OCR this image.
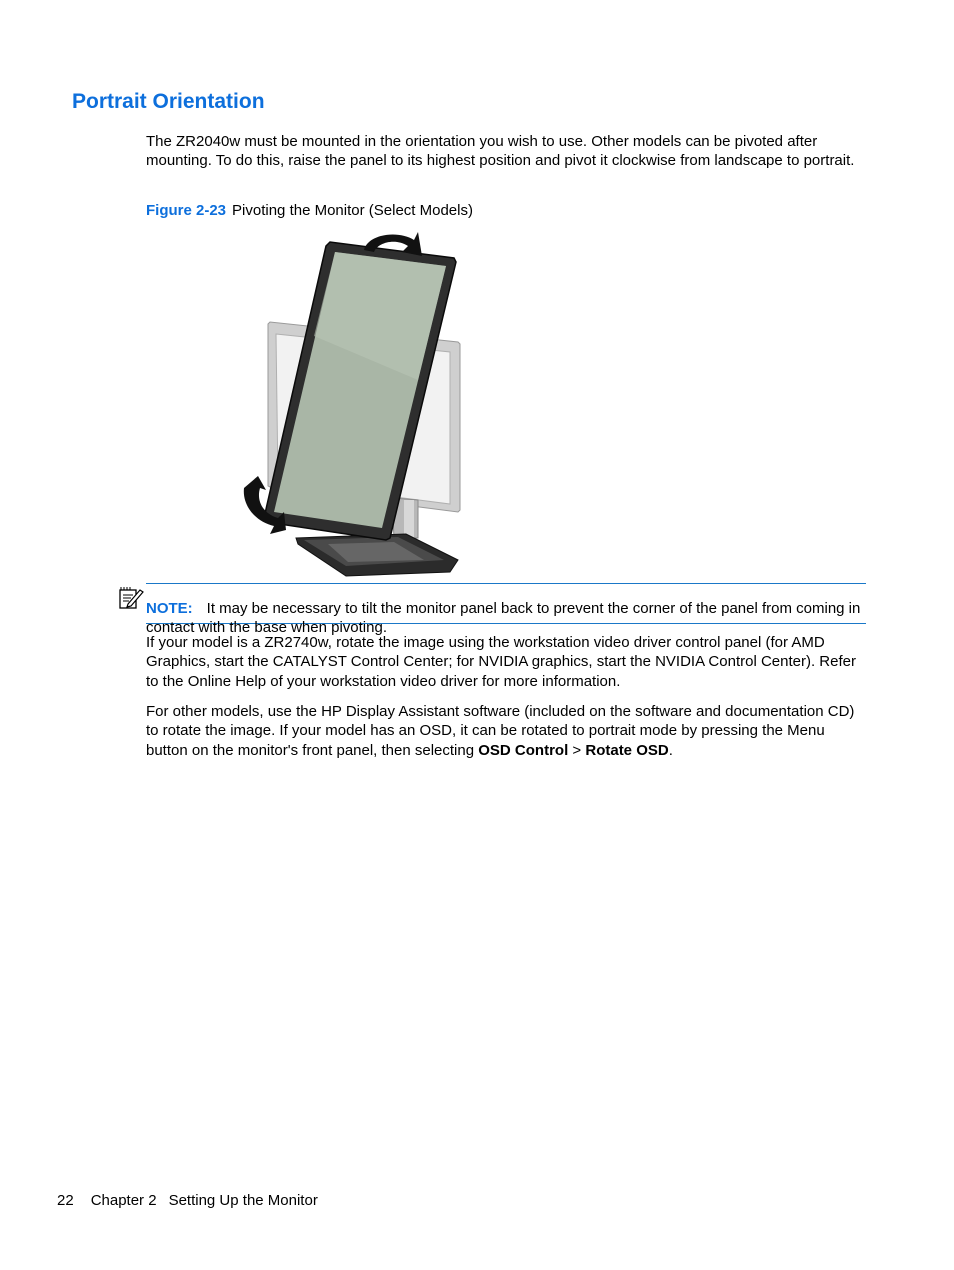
Portrait Orientation

The ZR2040w must be mounted in the orientation you wish to use. Other models can be pivoted after mounting. To do this, raise the panel to its highest position and pivot it clockwise from landscape to portrait.

Figure 2-23 Pivoting the Monitor (Select Models)

NOTE: It may be necessary to tilt the monitor panel back to prevent the corner of the panel from coming in contact with the base when pivoting.

If your model is a ZR2740w, rotate the image using the workstation video driver control panel (for AMD Graphics, start the CATALYST Control Center; for NVIDIA graphics, start the NVIDIA Control Center). Refer to the Online Help of your workstation video driver for more information.

For other models, use the HP Display Assistant software (included on the software and documentation CD) to rotate the image. If your model has an OSD, it can be rotated to portrait mode by pressing the Menu button on the monitor's front panel, then selecting OSD Control > Rotate OSD.

22 Chapter 2 Setting Up the Monitor
